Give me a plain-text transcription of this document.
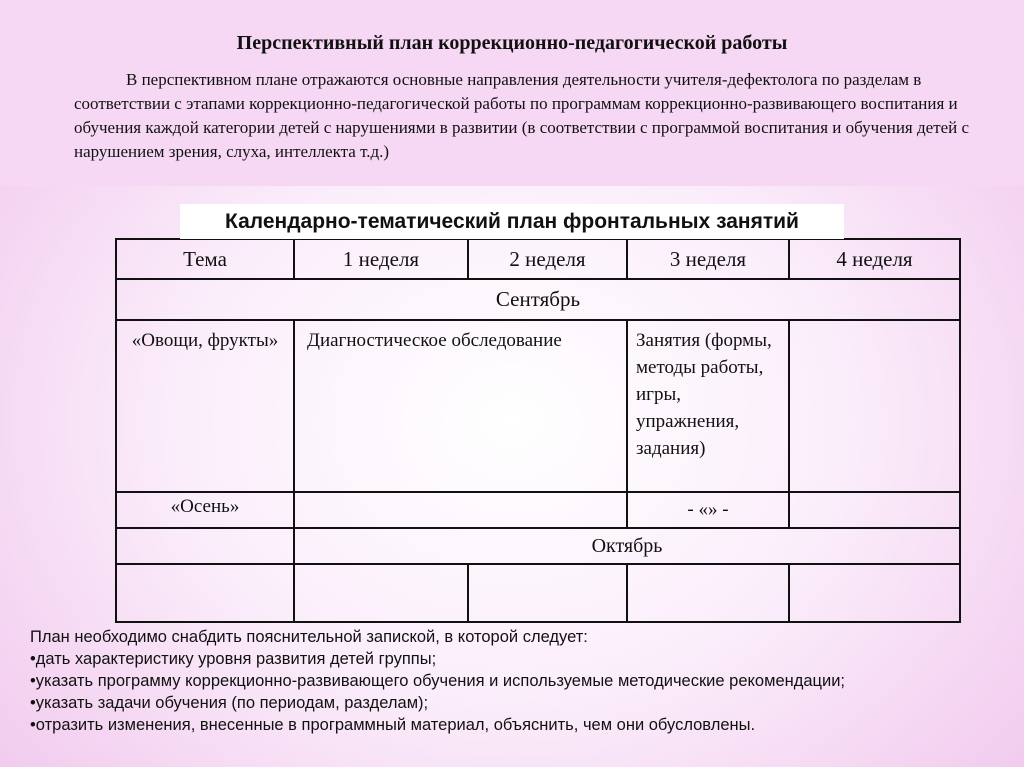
Перспективный план коррекционно-педагогической работы
В перспективном плане отражаются основные направления деятельности учителя-дефектолога по разделам в соответствии с этапами коррекционно-педагогической работы по программам коррекционно-развивающего воспитания и обучения каждой категории детей с нарушениями в развитии (в соответствии с программой воспитания и обучения детей с нарушением зрения, слуха, интеллекта т.д.)
Календарно-тематический план фронтальных занятий
Тема	1 неделя	2 неделя	3 неделя	4 неделя
Сентябрь				
«Овощи, фрукты»	Диагностическое обследование		Занятия (формы, методы работы, игры, упражнения, задания)	
«Осень»			- «» -	
	Октябрь			

План необходимо снабдить пояснительной запиской, в которой следует:
•дать характеристику уровня развития детей группы;
•указать программу коррекционно-развивающего обучения и используемые методические рекомендации;
•указать задачи обучения (по периодам, разделам);
•отразить изменения, внесенные в программный материал, объяснить, чем они обусловлены.
